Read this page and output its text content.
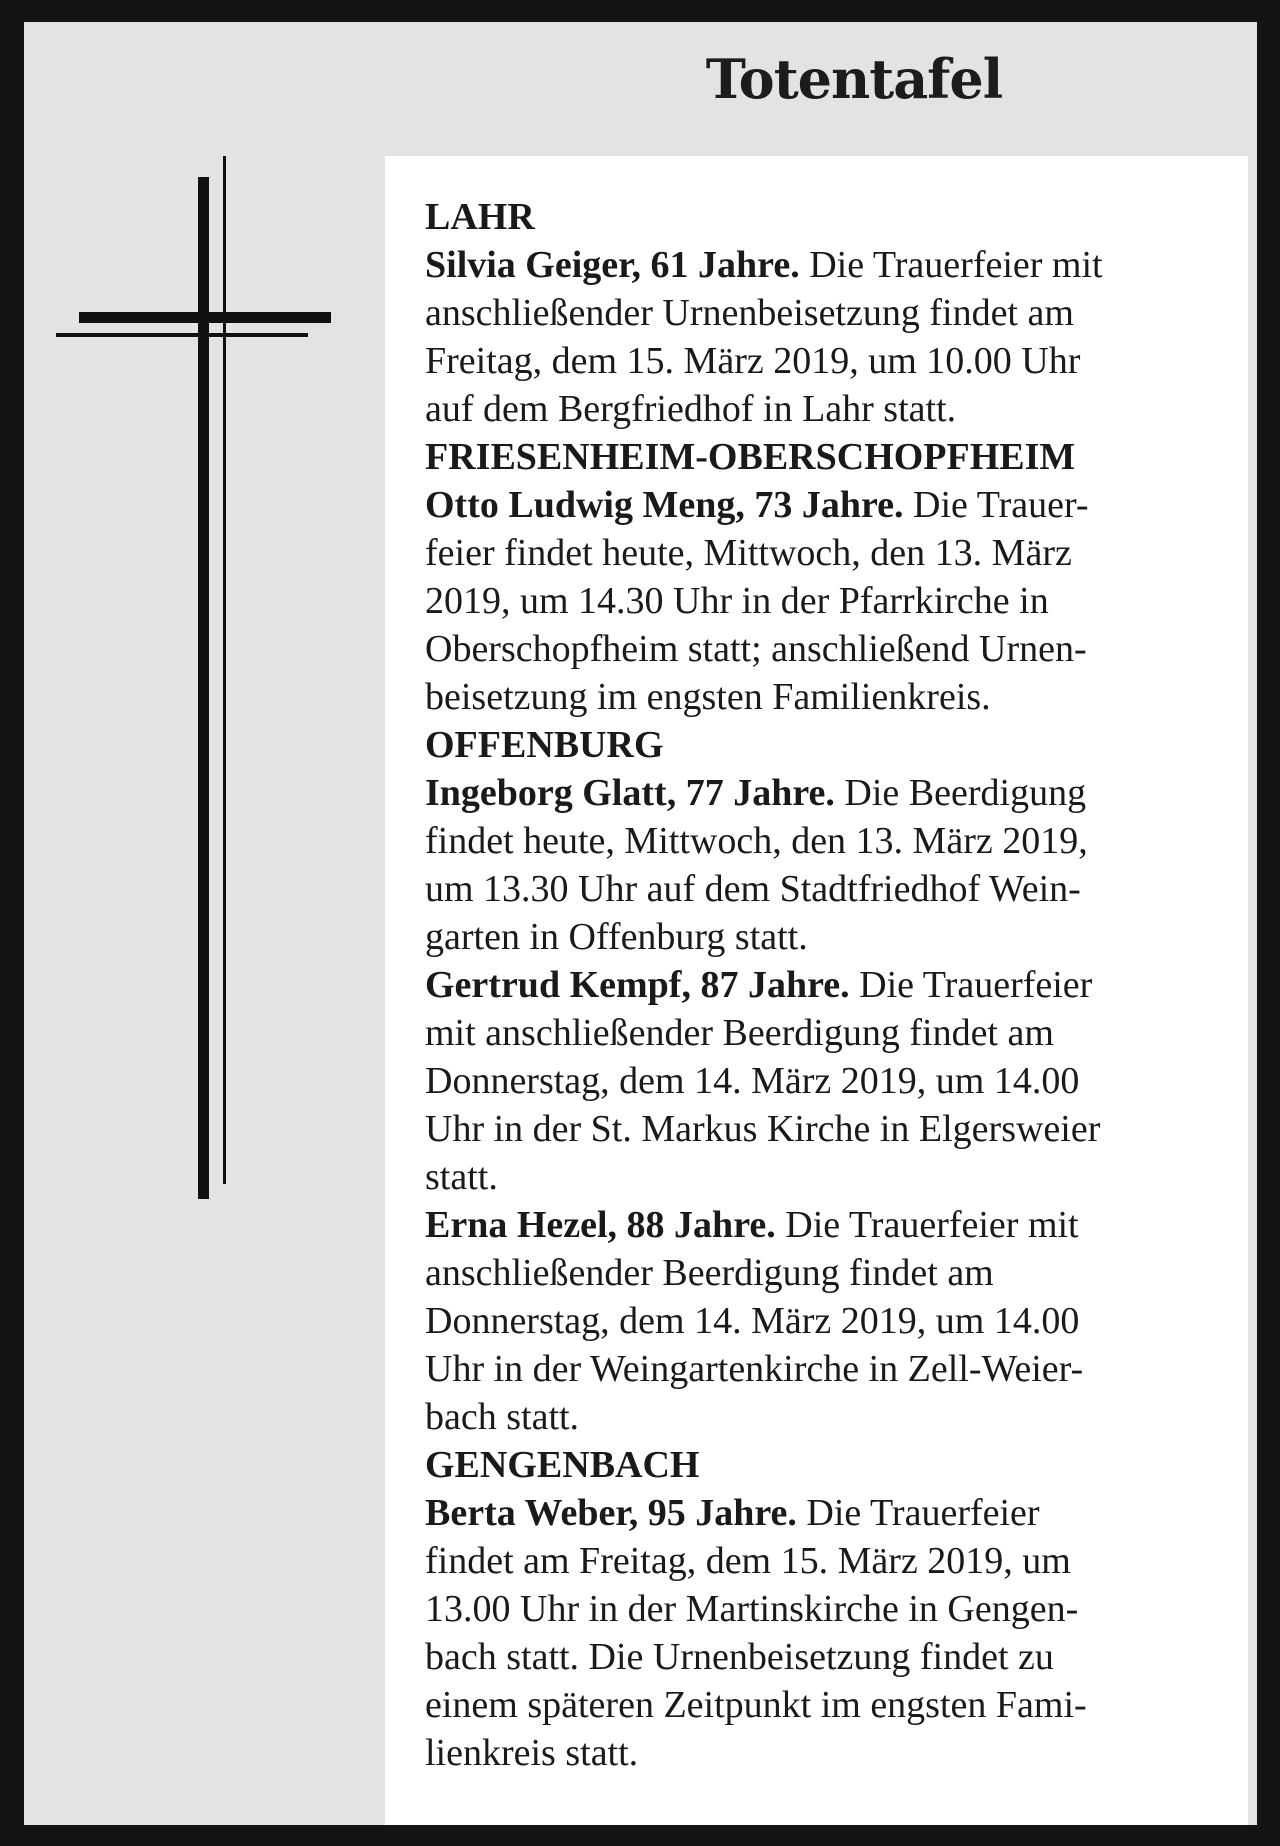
Totentafel
LAHR
Silvia Geiger, 61 Jahre. Die Trauerfeier mit
anschließender Urnenbeisetzung findet am
Freitag, dem 15. März 2019, um 10.00 Uhr
auf dem Bergfriedhof in Lahr statt.
FRIESENHEIM-OBERSCHOPFHEIM
Otto Ludwig Meng, 73 Jahre. Die Trauer-
feier findet heute, Mittwoch, den 13. März
2019, um 14.30 Uhr in der Pfarrkirche in
Oberschopfheim statt; anschließend Urnen-
beisetzung im engsten Familienkreis.
OFFENBURG
Ingeborg Glatt, 77 Jahre. Die Beerdigung
findet heute, Mittwoch, den 13. März 2019,
um 13.30 Uhr auf dem Stadtfriedhof Wein-
garten in Offenburg statt.
Gertrud Kempf, 87 Jahre. Die Trauerfeier
mit anschließender Beerdigung findet am
Donnerstag, dem 14. März 2019, um 14.00
Uhr in der St. Markus Kirche in Elgersweier
statt.
Erna Hezel, 88 Jahre. Die Trauerfeier mit
anschließender Beerdigung findet am
Donnerstag, dem 14. März 2019, um 14.00
Uhr in der Weingartenkirche in Zell-Weier-
bach statt.
GENGENBACH
Berta Weber, 95 Jahre. Die Trauerfeier
findet am Freitag, dem 15. März 2019, um
13.00 Uhr in der Martinskirche in Gengen-
bach statt. Die Urnenbeisetzung findet zu
einem späteren Zeitpunkt im engsten Fami-
lienkreis statt.
